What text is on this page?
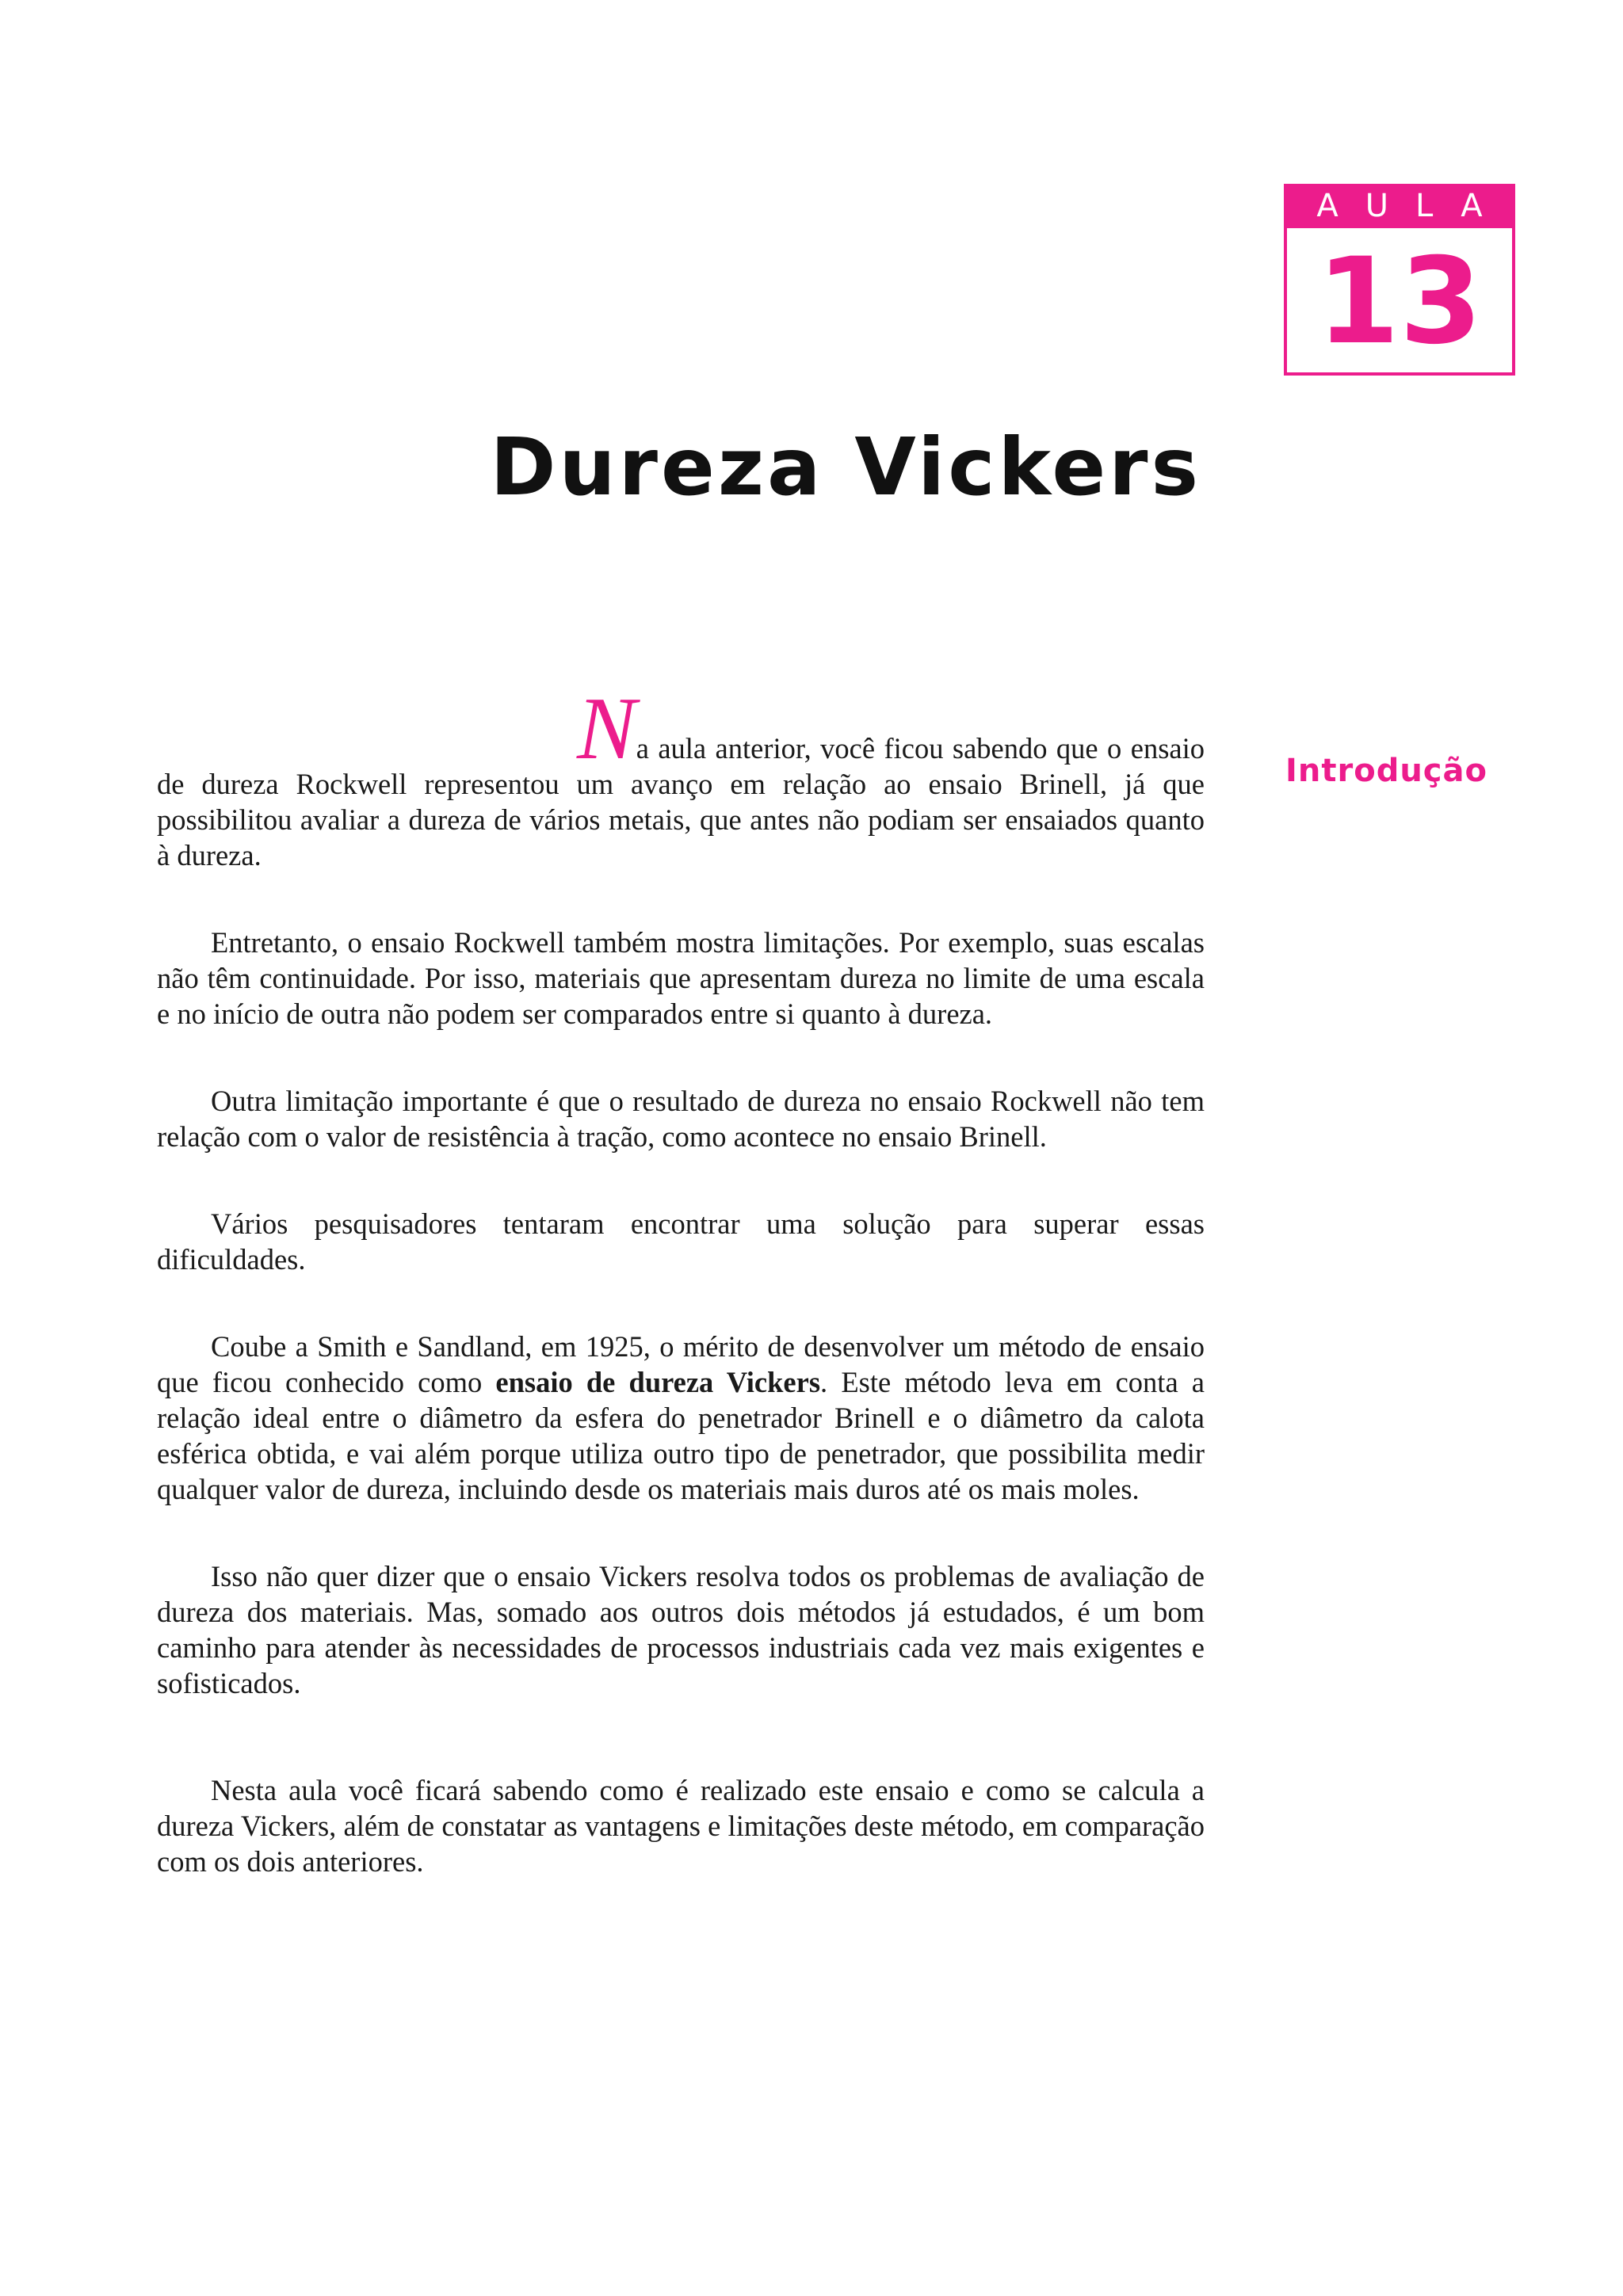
AULA
13
Dureza Vickers
Introdução

Na aula anterior, você ficou sabendo que o ensaio de dureza Rockwell representou um avanço em relação ao ensaio Brinell, já que possibilitou avaliar a dureza de vários metais, que antes não podiam ser ensaiados quanto à dureza.

Entretanto, o ensaio Rockwell também mostra limitações. Por exemplo, suas escalas não têm continuidade. Por isso, materiais que apresentam dureza no limite de uma escala e no início de outra não podem ser comparados entre si quanto à dureza.

Outra limitação importante é que o resultado de dureza no ensaio Rockwell não tem relação com o valor de resistência à tração, como acontece no ensaio Brinell.

Vários pesquisadores tentaram encontrar uma solução para superar essas dificuldades.

Coube a Smith e Sandland, em 1925, o mérito de desenvolver um método de ensaio que ficou conhecido como ensaio de dureza Vickers. Este método leva em conta a relação ideal entre o diâmetro da esfera do penetrador Brinell e o diâmetro da calota esférica obtida, e vai além porque utiliza outro tipo de penetrador, que possibilita medir qualquer valor de dureza, incluindo desde os materiais mais duros até os mais moles.

Isso não quer dizer que o ensaio Vickers resolva todos os problemas de avaliação de dureza dos materiais. Mas, somado aos outros dois métodos já estudados, é um bom caminho para atender às necessidades de processos industriais cada vez mais exigentes e sofisticados.

Nesta aula você ficará sabendo como é realizado este ensaio e como se calcula a dureza Vickers, além de constatar as vantagens e limitações deste método, em comparação com os dois anteriores.
